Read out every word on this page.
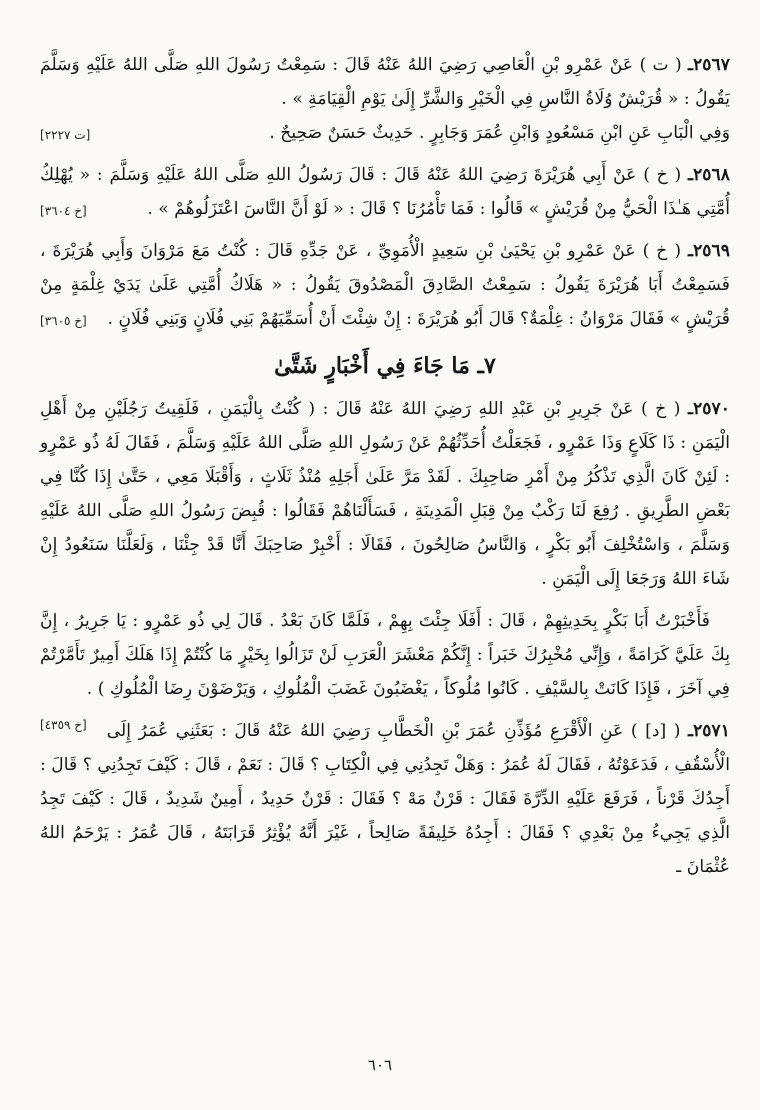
٢٥٦٧ـ ( ت ) عَنْ عَمْرِو بْنِ الْعَاصِي رَضِيَ اللهُ عَنْهُ قَالَ : سَمِعْتُ رَسُولَ اللهِ صَلَّى اللهُ عَلَيْهِ وَسَلَّمَ يَقُولُ : « قُرَيْشٌ وُلَاةُ النَّاسِ فِي الْخَيْرِ وَالشَّرِّ إِلَىٰ يَوْمِ الْقِيَامَةِ » .
وَفِي الْبَابِ عَنِ ابْنِ مَسْعُودٍ وَابْنِ عُمَرَ وَجَابِرٍ . حَدِيثٌ حَسَنٌ صَحِيحٌ .
[ت ٢٢٢٧]

٢٥٦٨ـ ( خ ) عَنْ أَبِي هُرَيْرَةَ رَضِيَ اللهُ عَنْهُ قَالَ : قَالَ رَسُولُ اللهِ صَلَّى اللهُ عَلَيْهِ وَسَلَّمَ : « يُهْلِكُ أُمَّتِي هَـٰذَا الْحَيُّ مِنْ قُرَيْشٍ » قَالُوا : فَمَا تَأْمُرُنَا ؟ قَالَ : « لَوْ أَنَّ النَّاسَ اعْتَزَلُوهُمْ » .
[خ ٣٦٠٤]

٢٥٦٩ـ ( خ ) عَنْ عَمْرِو بْنِ يَحْيَىٰ بْنِ سَعِيدٍ الْأُمَوِيِّ ، عَنْ جَدِّهِ قَالَ : كُنْتُ مَعَ مَرْوَانَ وَأَبِي هُرَيْرَةَ ، فَسَمِعْتُ أَبَا هُرَيْرَةَ يَقُولُ : سَمِعْتُ الصَّادِقَ الْمَصْدُوقَ يَقُولُ : « هَلَاكُ أُمَّتِي عَلَىٰ يَدَيْ غِلْمَةٍ مِنْ قُرَيْشٍ » فَقَالَ مَرْوَانُ : غِلْمَةٌ؟ قَالَ أَبُو هُرَيْرَةَ : إِنْ شِئْتَ أَنْ أُسَمِّيَهُمْ بَنِي فُلَانٍ وَبَنِي فُلَانٍ .
[خ ٣٦٠٥]

٧ـ مَا جَاءَ فِي أَخْبَارٍ شَتَّىٰ

٢٥٧٠ـ ( خ ) عَنْ جَرِيرِ بْنِ عَبْدِ اللهِ رَضِيَ اللهُ عَنْهُ قَالَ : ( كُنْتُ بِالْيَمَنِ ، فَلَقِيتُ رَجُلَيْنِ مِنْ أَهْلِ الْيَمَنِ : ذَا كَلَاعٍ وَذَا عَمْرٍو ، فَجَعَلْتُ أُحَدِّثُهُمْ عَنْ رَسُولِ اللهِ صَلَّى اللهُ عَلَيْهِ وَسَلَّمَ ، فَقَالَ لَهُ ذُو عَمْرٍو : لَئِنْ كَانَ الَّذِي تَذْكُرُ مِنْ أَمْرِ صَاحِبِكَ . لَقَدْ مَرَّ عَلَىٰ أَجَلِهِ مُنْذُ ثَلَاثٍ ، وَأَقْبَلَا مَعِي ، حَتَّىٰ إِذَا كُنَّا فِي بَعْضِ الطَّرِيقِ . رُفِعَ لَنَا رَكْبٌ مِنْ قِبَلِ الْمَدِينَةِ ، فَسَأَلْنَاهُمْ فَقَالُوا : قُبِضَ رَسُولُ اللهِ صَلَّى اللهُ عَلَيْهِ وَسَلَّمَ ، وَاسْتُخْلِفَ أَبُو بَكْرٍ ، وَالنَّاسُ صَالِحُونَ ، فَقَالَا : أَخْبِرْ صَاحِبَكَ أَنَّا قَدْ جِئْنَا ، وَلَعَلَّنَا سَنَعُودُ إِنْ شَاءَ اللهُ وَرَجَعَا إِلَى الْيَمَنِ .

فَأَخْبَرْتُ أَبَا بَكْرٍ بِحَدِيثِهِمْ ، قَالَ : أَفَلَا جِئْتَ بِهِمْ ، فَلَمَّا كَانَ بَعْدُ . قَالَ لِي ذُو عَمْرٍو : يَا جَرِيرُ ، إِنَّ بِكَ عَلَيَّ كَرَامَةً ، وَإِنِّي مُخْبِرُكَ خَبَراً : إِنَّكُمْ مَعْشَرَ الْعَرَبِ لَنْ تَزَالُوا بِخَيْرٍ مَا كُنْتُمْ إِذَا هَلَكَ أَمِيرٌ تَأَمَّرْتُمْ فِي آخَرَ ، فَإِذَا كَانَتْ بِالسَّيْفِ . كَانُوا مُلُوكاً ، يَغْضَبُونَ غَضَبَ الْمُلُوكِ ، وَيَرْضَوْنَ رِضَا الْمُلُوكِ ) .
[خ ٤٣٥٩]	٢٥٧١ـ ( [د] ) عَنِ الْأَقْرَعِ مُؤَذِّنِ عُمَرَ بْنِ الْخَطَّابِ رَضِيَ اللهُ عَنْهُ قَالَ : بَعَثَنِي عُمَرُ إِلَى الْأُسْقُفِ ، فَدَعَوْتُهُ ، فَقَالَ لَهُ عُمَرُ : وَهَلْ تَجِدُنِي فِي الْكِتَابِ ؟ قَالَ : نَعَمْ ، قَالَ : كَيْفَ تَجِدُنِي ؟ قَالَ : أَجِدُكَ قَرْناً ، فَرَفَعَ عَلَيْهِ الدِّرَّةَ فَقَالَ : قَرْنٌ مَهْ ؟ فَقَالَ : قَرْنٌ حَدِيدٌ ، أَمِينٌ شَدِيدٌ ، قَالَ : كَيْفَ تَجِدُ الَّذِي يَجِيءُ مِنْ بَعْدِي ؟ فَقَالَ : أَجِدُهُ خَلِيفَةً صَالِحاً ، غَيْرَ أَنَّهُ يُؤْثِرُ قَرَابَتَهُ ، قَالَ عُمَرُ : يَرْحَمُ اللهُ عُثْمَانَ ـ

٦٠٦
